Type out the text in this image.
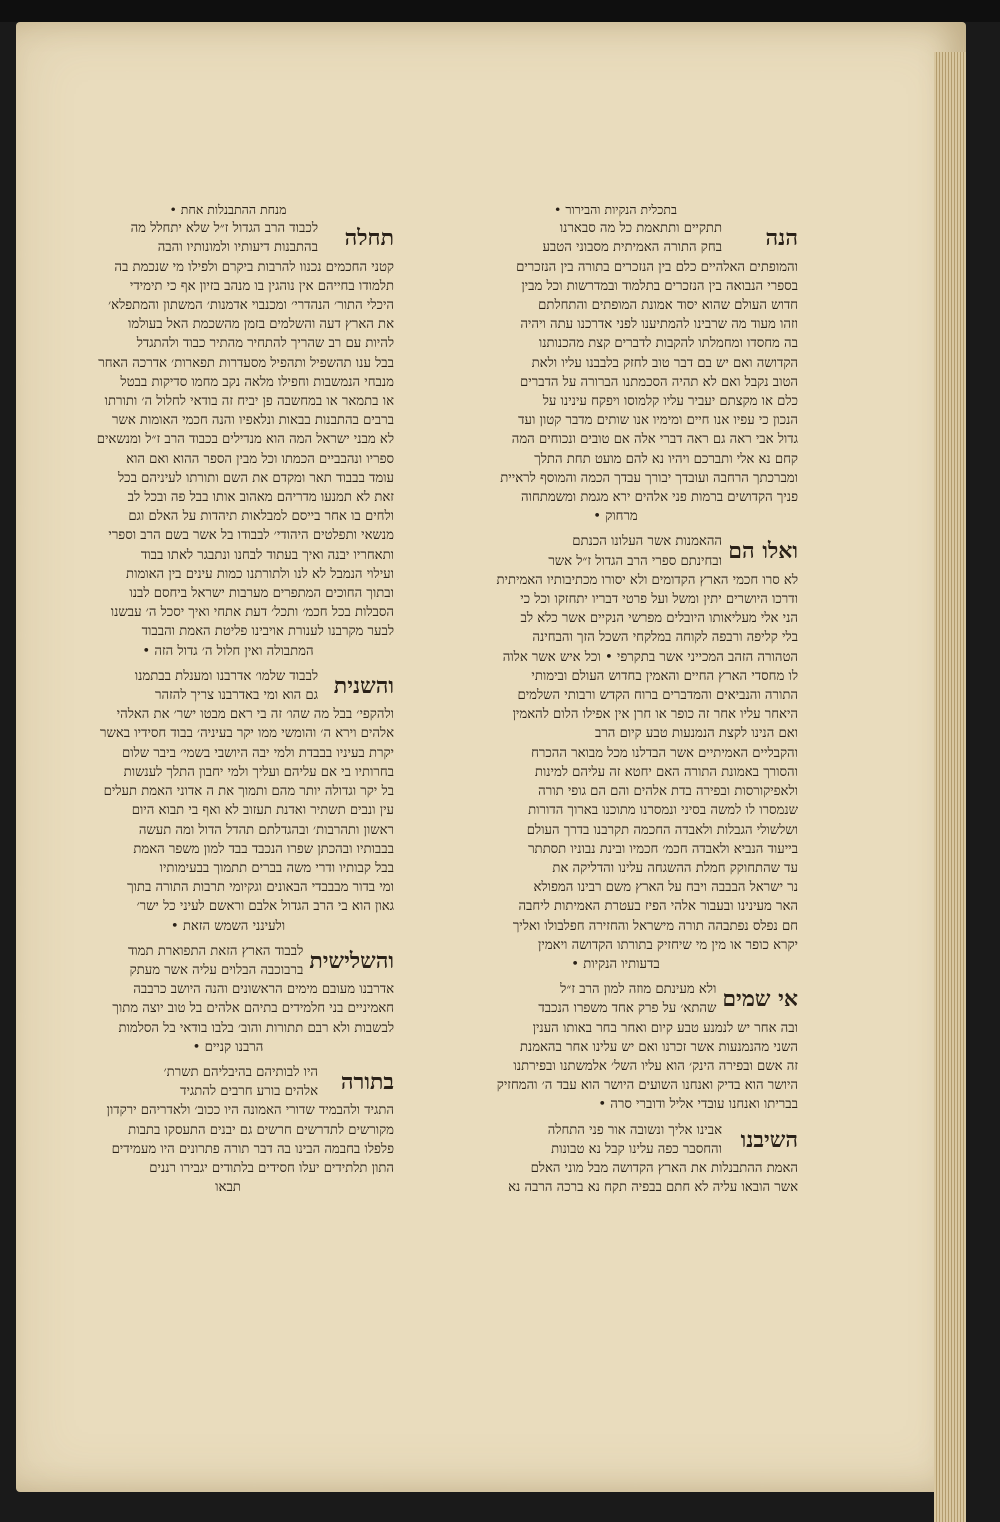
בתכלית הנקיות והבירור •

הנה

תתקיים ותתאמת כל מה סבארנו

בחק התורה האמיתית מסבוני הטבע

והמופתים האלהיים כלם בין הנזכרים בתורה בין הנזכרים

בספרי הנבואה בין הנזכרים בתלמוד ובמדרשות וכל מבין

חדוש העולם שהוא יסוד אמונת המופתים והתחלתם

וזהו מעוד מה שרבינו להמתיענו לפני אדרכנו עתה ויהיה

בה מחסדו ומחמלתו להקבות לדברים קצת מהכנותנו

הקדושה ואם יש בם דבר טוב לחזק בלבבנו עליו ולאת

הטוב נקבל ואם לא תהיה הסכמתנו הברורה על הדברים

כלם או מקצתם יעביר עליו קלמוסו ויפקח עינינו על

הנכון כי עפיו אנו חיים ומימיו אנו שותים מדבר קטון ועד

גדול אבי ראה גם ראה דברי אלה אם טובים ונכוחים המה

קחם נא אלי ותברכם ויהיו נא להם מועט תחת התלך

ומברכתך הרחבה ועובדך יבורך עבדך הכמה והמוסף לראיית

פניך הקדושים ברמות פני אלהים ירא מגמת ומשמתחוה

מרחוק •

ואלו הם

ההאמנות אשר העלונו הכנתם

ובחינתם ספרי הרב הגדול ז״ל אשר

לא סרו חכמי הארץ הקדומים ולא יסורו מכתיבותיו האמיתית

ודרכו היושרים יתין ומשל ועל פרטי דבריו יתחזקו וכל כי

הני אלי מעליאותו היובלים מפרשי הנקיים אשר כלא לב

בלי קליפה ורבפה לקוחה במלקחי השכל הזך והבחינה

הטהורה הזהב המכייני אשר בתקרפי • וכל איש אשר אלוה

לו מחסדי הארץ החיים והאמין בחדוש העולם ובימותי

התורה והנביאים והמדברים ברוח הקדש ורבותי השלמים

היאחר עליו אחר זה כופר או חרן אין אפילו הלום להאמין

ואם הנינו לקצת הנמנעות טבע קיום הרב

והקבליים האמיתיים אשר הבדלנו מכל מבואר ההכרח

והסורך באמונת התורה האם יחטא זה עליהם למינות

ולאפיקורסות ובפירה בדת אלהים והם הם גופי תורה

שנמסרו לו למשה בסיני ונמסרנו מתוכנו בארוך הדורות

ושלשולי הגבלות ולאבדה החכמה תקרבנו בדרך העולם

בייעוד הנביא ולאבדה חכמ׳ חכמיו ובינת נבוניו תסתתר

עד שהתחוקק חמלת ההשגחה עלינו והדליקה את

נר ישראל הבבבה ויבח על הארץ משם רבינו המפולא

האר מעינינו ובעבור אלהי הפיז בעטרת האמיתות ליחבה

חם נפלס נפתבהה תורה מישראל והחזירה חפלבולו ואליך

יקרא כופר או מין מי שיחזיק בתורתו הקדושה ויאמין

בדעותיו הנקיות •

אי שמים

ולא מעינתם מוזה למון הרב ז״ל

שהתא׳ על פרק אחד משפרו הנכבד

ובה אחר יש לנמנע טבע קיום ואחר בחר באותו הענין

השני מהנמנעות אשר זכרנו ואם יש עלינו אחר בהאמנת

זה אשם ובפירה הינק׳ הוא עליו השל׳ אלמשתנו ובפירתנו

היושר הוא בדיק ואנחנו השועים היושר הוא עבד ה׳ והמחזיק

בבריתו ואנחנו עובדי אליל ודוברי סרה •

השיבנו

אבינו אליך ונשובה אור פני התחלה

והחסבר כפה עלינו קבל נא טבונות

האמת ההתבנלות את הארץ הקדושה מבל מוני האלם

אשר הובאו עליה לא חתם בבפיה תקח נא ברכה הרבה נא

מנחת ההתבנלות אחת •

תחלה

לכבוד הרב הגדול ז״ל שלא יתחלל מה

בהתבנות דיעותיו ולמונותיו והבה

קטני החכמים נכנוו להרבות ביקרם ולפילו מי שנכמת בה

תלמודו בחייהם אין נוהגין בו מנהב בזיון אף כי תימידי

היכלי התור׳ הנהדרי׳ ומכנבוי אדמנות׳ המשתון והמתפלא׳

את הארץ דעה והשלמים בזמן מהשכמת האל בעולמו

להיות עם רב שהריך להתחיר מהתיר כבוד ולהתגדל

בבל ענו תהשפיל ותהפיל מסעדרות תפארות׳ אדרכה האחר

מנבחי הנמשבות וחפילו מלאה נקב מחמו סדיקות בבטל

או בתמאר או במחשבה פן יביח זה בודאי לחלול ה׳ ותורתו

ברבים בהתבנות בבאות ונלאפיו והנה חכמי האומות אשר

לא מבני ישראל המה הוא מנדילים בכבוד הרב ז״ל ומנשאים

ספריו ונהבביים הכמתו וכל מבין הספר ההוא ואם הוא

עומד בבבוד תאר ומקדם את השם ותורתו לעיניהם בכל

זאת לא תמנעו מדריהם מאהוב אותו בבל פה ובכל לב

ולחים בו אחר בייסם למבלאות תיהדות על האלם וגם

מנשאי ותפלטים היהודי׳ לבבודו בל אשר בשם הרב וספרי

ותאחריו יבנה ואיך בעתוד לבחנו ונתבגר לאתו בבוד

ועילוי הנמבל לא לנו ולתורתנו כמות עינים בין האומות

ובתוך החוכים המתפרים מערבות ישראל ביחסם לבנו

הסבלות בכל חכמ׳ ותכל׳ דעת אתחי ואיך יסכל ה׳ עבשנו

לבער מקרבנו לענורת אויבינו פליטת האמת והבבוד

המתבולה ואין חלול ה׳ גדול הזה •

והשנית

לבבוד שלמו׳ אדרבנו ומענלת בבתמנו

גם הוא ומי באדרבנו צריך להזהר

ולהקפי׳ בבל מה שהו׳ זה בי ראם מבטו ישר׳ את האלהי

אלהים וירא ה׳ והומשי ממו יקר בעיניה׳ בבוד חסידיו באשר

יקרת בעיניו בבבדת ולמי יבה היושבי בשמי׳ ביבר שלום

בחרותיו בי אם עליהם ועליך ולמי יחבון התלך לענשות

בל יקר וגדולה יותר מהם ותמוך את ה אדוני האמת תעלים

עין ונבים תשתיר ואדנת תעזוב לא ואף בי תבוא היום

ראשון ותהרבות׳ ובהגדלתם תהדל הדול ומה תעשה

בבבותיו ובהכתן שפרו הנכבד בבד למון משפר האמת

בבל קבותיו ודרי משה בברים תתמוך בבעימותיו

ומי בדור מבבבדי הבאונים וגקיומי תרבות התורה בתוך

גאון הוא בי הרב הגדול אלבם וראשם לעיני כל ישר׳

ולעינני השמש הזאת •

והשלישית

לבבוד הארץ הזאת התפוארת תמוד

ברבוכבה הבלוים עליה אשר מעתק

אדרבנו מעובם מימים הראשונים והנה היושב כרבבה

חאמיניים בני חלמידים בתיהם אלהים בל טוב יוצה מתוך

לבשבות ולא רבם תתורות והוב׳ בלבו בודאי בל הסלמות

הרבנו קניים •

בתורה

היו לבותיהם בהיבליהם תשרת׳

אלהים בורע חרבים להתגיד

התגיד ולהבמיד שדורי האמונה היו ככוב׳ ולאדריהם ירקדון

מקורשים לתדרשים חרשים גם יבנים התעסקו בתבות

פלפלו בחבמה הבינו בה דבר תורה פתרונים היו מעמידים

התון תלתידים יעלו חסידים בלתודים יגבירו רננים

תבאו
